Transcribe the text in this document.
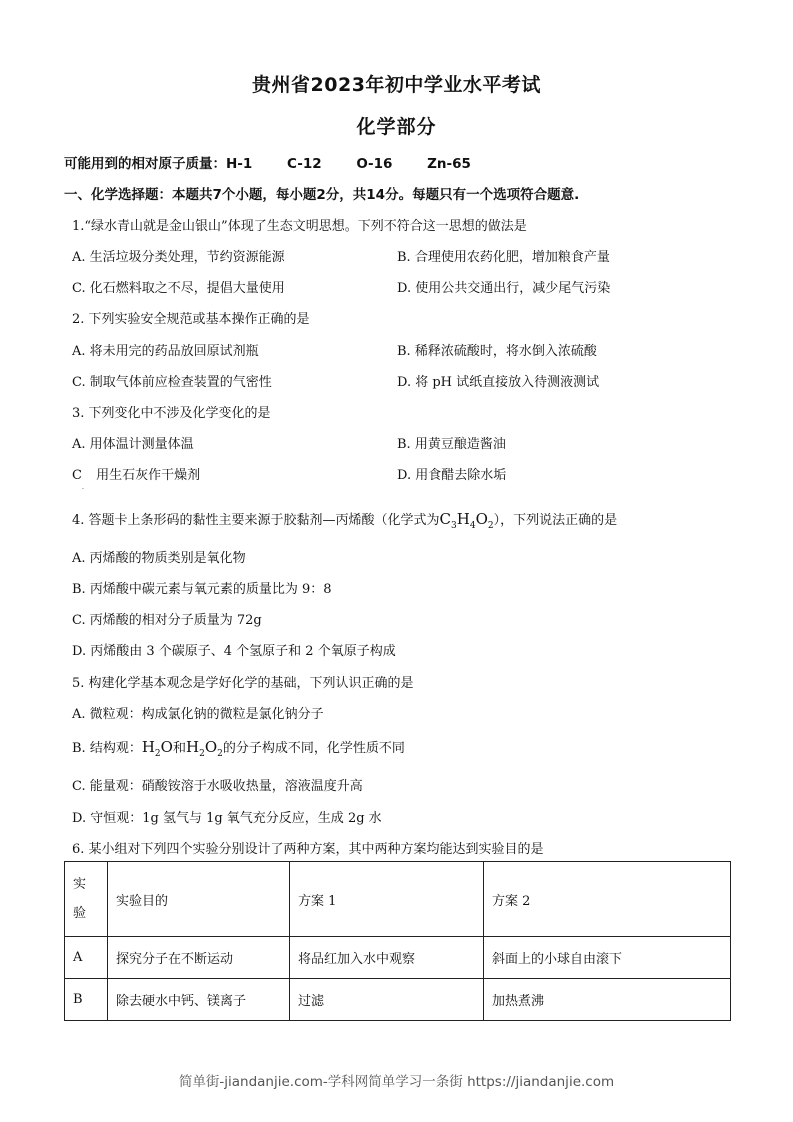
贵州省2023年初中学业水平考试
化学部分
可能用到的相对原子质量：H-1	C-12	O-16	Zn-65
一、化学选择题：本题共7个小题，每小题2分，共14分。每题只有一个选项符合题意.
1.“绿水青山就是金山银山”体现了生态文明思想。下列不符合这一思想的做法是
A. 生活垃圾分类处理，节约资源能源	B. 合理使用农药化肥，增加粮食产量
C. 化石燃料取之不尽，提倡大量使用	D. 使用公共交通出行，减少尾气污染
2. 下列实验安全规范或基本操作正确的是
A. 将未用完的药品放回原试剂瓶	B. 稀释浓硫酸时，将水倒入浓硫酸
C. 制取气体前应检查装置的气密性	D. 将 pH 试纸直接放入待测液测试
3. 下列变化中不涉及化学变化的是
A. 用体温计测量体温	B. 用黄豆酿造酱油
C 用生石灰作干燥剂
.
D. 用食醋去除水垢
4. 答题卡上条形码的黏性主要来源于胶黏剂—丙烯酸（化学式为$C_3H_4O_2$），下列说法正确的是
A. 丙烯酸的物质类别是氧化物
B. 丙烯酸中碳元素与氧元素的质量比为 9：8
C. 丙烯酸的相对分子质量为 72g
D. 丙烯酸由 3 个碳原子、4 个氢原子和 2 个氧原子构成
5. 构建化学基本观念是学好化学的基础，下列认识正确的是
A. 微粒观：构成氯化钠的微粒是氯化钠分子
B. 结构观：$H_2O$和$H_2O_2$的分子构成不同，化学性质不同
C. 能量观：硝酸铵溶于水吸收热量，溶液温度升高
D. 守恒观：1g 氢气与 1g 氧气充分反应，生成 2g 水
6. 某小组对下列四个实验分别设计了两种方案，其中两种方案均能达到实验目的是
实
验	实验目的	方案 1	方案 2
A	探究分子在不断运动	将品红加入水中观察	斜面上的小球自由滚下
B	除去硬水中钙、镁离子	过滤	加热煮沸
简单街-jiandanjie.com-学科网简单学习一条街 https://jiandanjie.com
